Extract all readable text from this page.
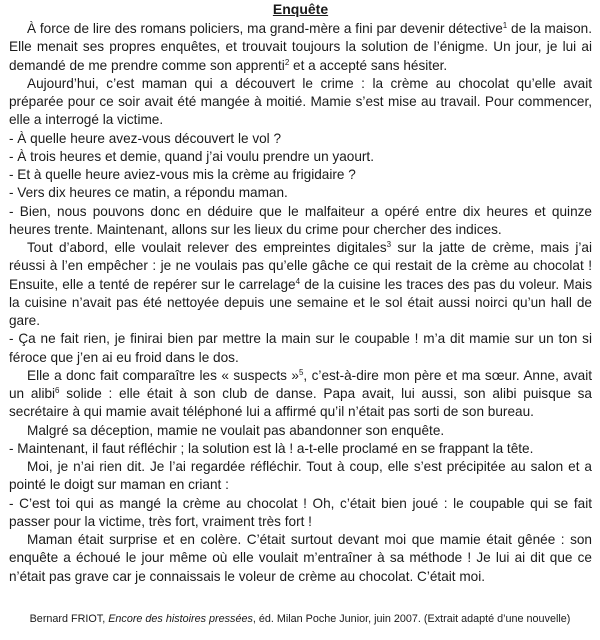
Enquête

À force de lire des romans policiers, ma grand-mère a fini par devenir détective$^1$ de la maison. Elle menait ses propres enquêtes, et trouvait toujours la solution de l’énigme. Un jour, je lui ai demandé de me prendre comme son apprenti$^2$ et a accepté sans hésiter.

Aujourd’hui, c’est maman qui a découvert le crime : la crème au chocolat qu’elle avait préparée pour ce soir avait été mangée à moitié. Mamie s’est mise au travail. Pour commencer, elle a interrogé la victime.

- À quelle heure avez-vous découvert le vol ?

- À trois heures et demie, quand j’ai voulu prendre un yaourt.

- Et à quelle heure aviez-vous mis la crème au frigidaire ?

- Vers dix heures ce matin, a répondu maman.

- Bien, nous pouvons donc en déduire que le malfaiteur a opéré entre dix heures et quinze heures trente. Maintenant, allons sur les lieux du crime pour chercher des indices.

Tout d’abord, elle voulait relever des empreintes digitales$^3$ sur la jatte de crème, mais j’ai réussi à l’en empêcher : je ne voulais pas qu’elle gâche ce qui restait de la crème au chocolat ! Ensuite, elle a tenté de repérer sur le carrelage$^4$ de la cuisine les traces des pas du voleur. Mais la cuisine n’avait pas été nettoyée depuis une semaine et le sol était aussi noirci qu’un hall de gare.

- Ça ne fait rien, je finirai bien par mettre la main sur le coupable ! m’a dit mamie sur un ton si féroce que j’en ai eu froid dans le dos.

Elle a donc fait comparaître les « suspects »$^5$, c’est-à-dire mon père et ma sœur. Anne, avait un alibi$^6$ solide : elle était à son club de danse. Papa avait, lui aussi, son alibi puisque sa secrétaire à qui mamie avait téléphoné lui a affirmé qu’il n’était pas sorti de son bureau.

Malgré sa déception, mamie ne voulait pas abandonner son enquête.

- Maintenant, il faut réfléchir ; la solution est là ! a-t-elle proclamé en se frappant la tête.

Moi, je n’ai rien dit. Je l’ai regardée réfléchir. Tout à coup, elle s’est précipitée au salon et a pointé le doigt sur maman en criant :

- C’est toi qui as mangé la crème au chocolat ! Oh, c’était bien joué : le coupable qui se fait passer pour la victime, très fort, vraiment très fort !

Maman était surprise et en colère. C’était surtout devant moi que mamie était gênée : son enquête a échoué le jour même où elle voulait m’entraîner à sa méthode ! Je lui ai dit que ce n’était pas grave car je connaissais le voleur de crème au chocolat. C’était moi.

Bernard FRIOT, Encore des histoires pressées, éd. Milan Poche Junior, juin 2007. (Extrait adapté d’une nouvelle)
